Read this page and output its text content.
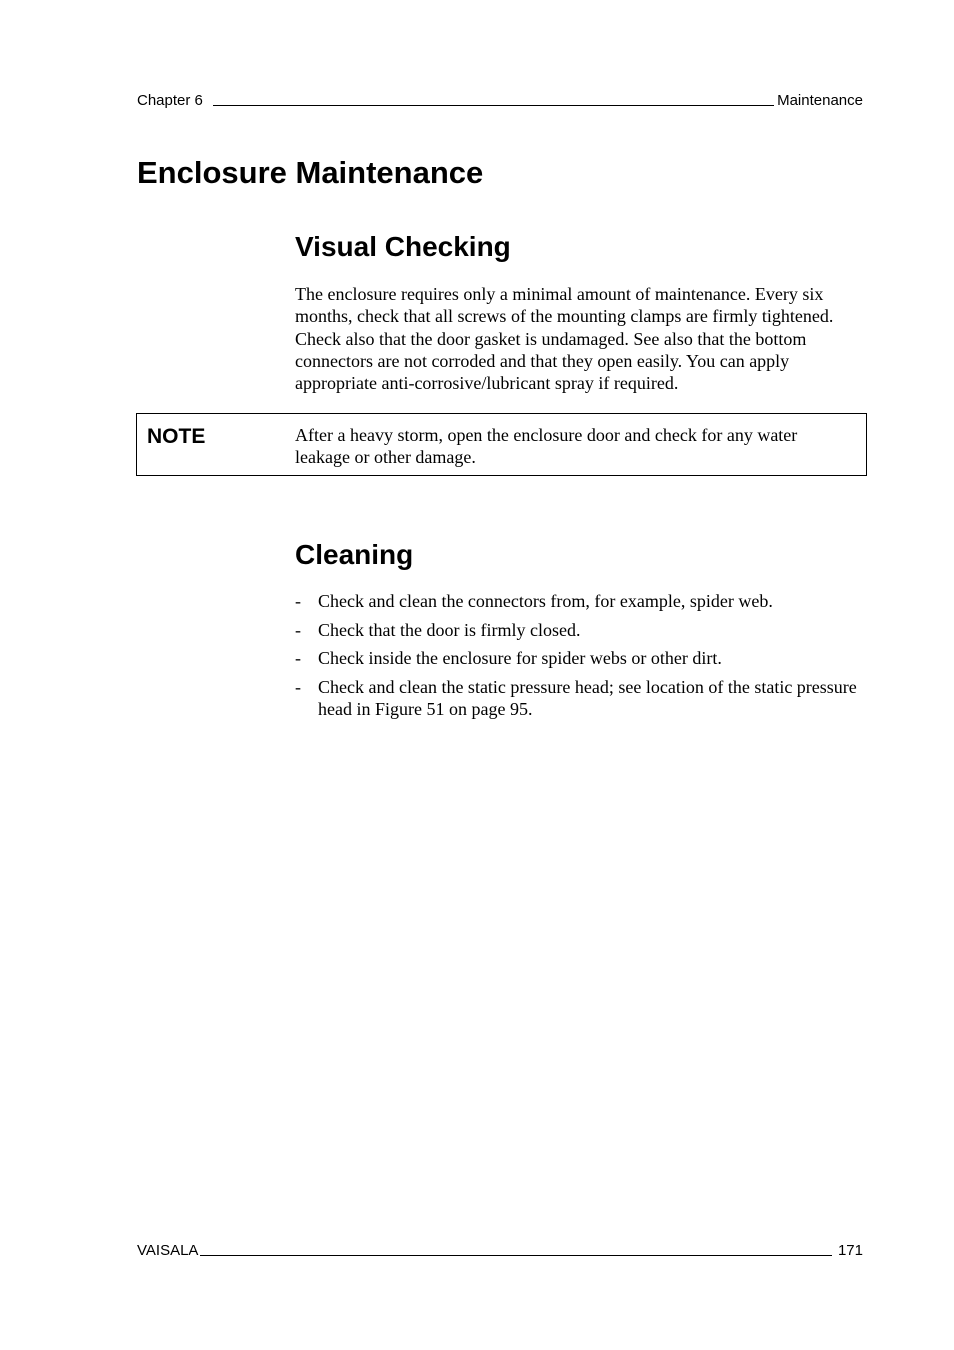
Chapter 6	Maintenance
Enclosure Maintenance
Visual Checking

The enclosure requires only a minimal amount of maintenance. Every six months, check that all screws of the mounting clamps are firmly tightened. Check also that the door gasket is undamaged. See also that the bottom connectors are not corroded and that they open easily. You can apply appropriate anti-corrosive/lubricant spray if required.

NOTE	After a heavy storm, open the enclosure door and check for any water leakage or other damage.
Cleaning
- Check and clean the connectors from, for example, spider web.
- Check that the door is firmly closed.
- Check inside the enclosure for spider webs or other dirt.
- Check and clean the static pressure head; see location of the static pressure head in Figure 51 on page 95.
VAISALA	171
